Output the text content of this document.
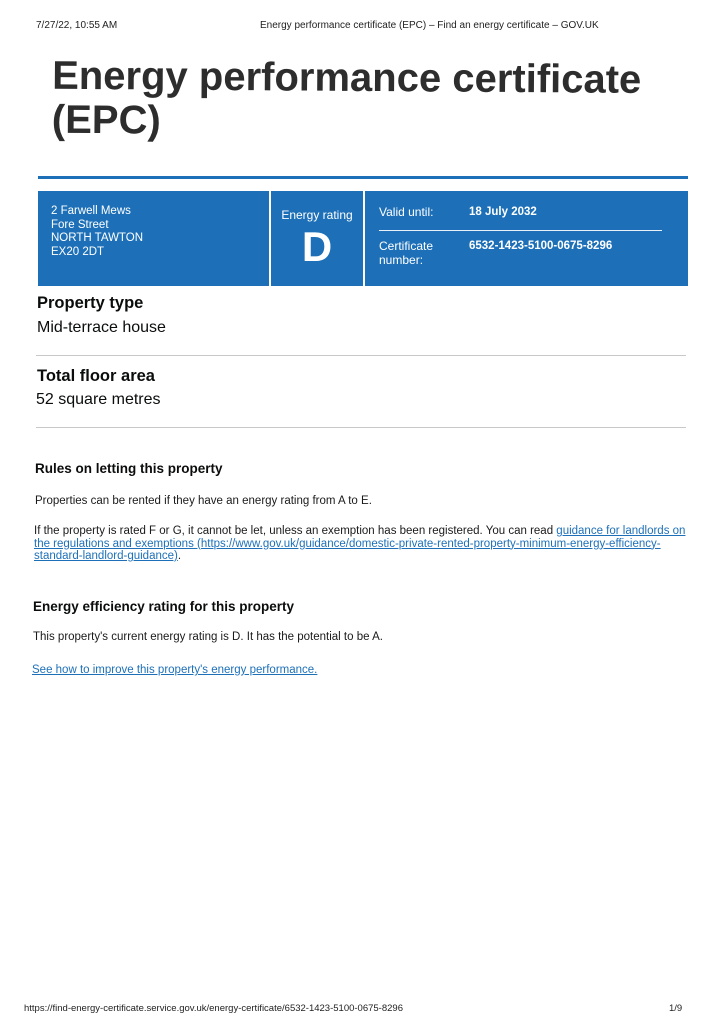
7/27/22, 10:55 AM	Energy performance certificate (EPC) – Find an energy certificate – GOV.UK
Energy performance certificate
(EPC)
2 Farwell Mews
Fore Street
NORTH TAWTON
EX20 2DT
Energy rating
D
Valid until:	18 July 2032
Certificate
number:
6532-1423-5100-0675-8296
Property type
Mid-terrace house
Total floor area
52 square metres
Rules on letting this property
Properties can be rented if they have an energy rating from A to E.
If the property is rated F or G, it cannot be let, unless an exemption has been registered. You can read guidance for landlords on the regulations and exemptions (https://www.gov.uk/guidance/domestic-private-rented-property-minimum-energy-efficiency-standard-landlord-guidance).
Energy efficiency rating for this property
This property's current energy rating is D. It has the potential to be A.
See how to improve this property's energy performance.
https://find-energy-certificate.service.gov.uk/energy-certificate/6532-1423-5100-0675-8296	1/9
